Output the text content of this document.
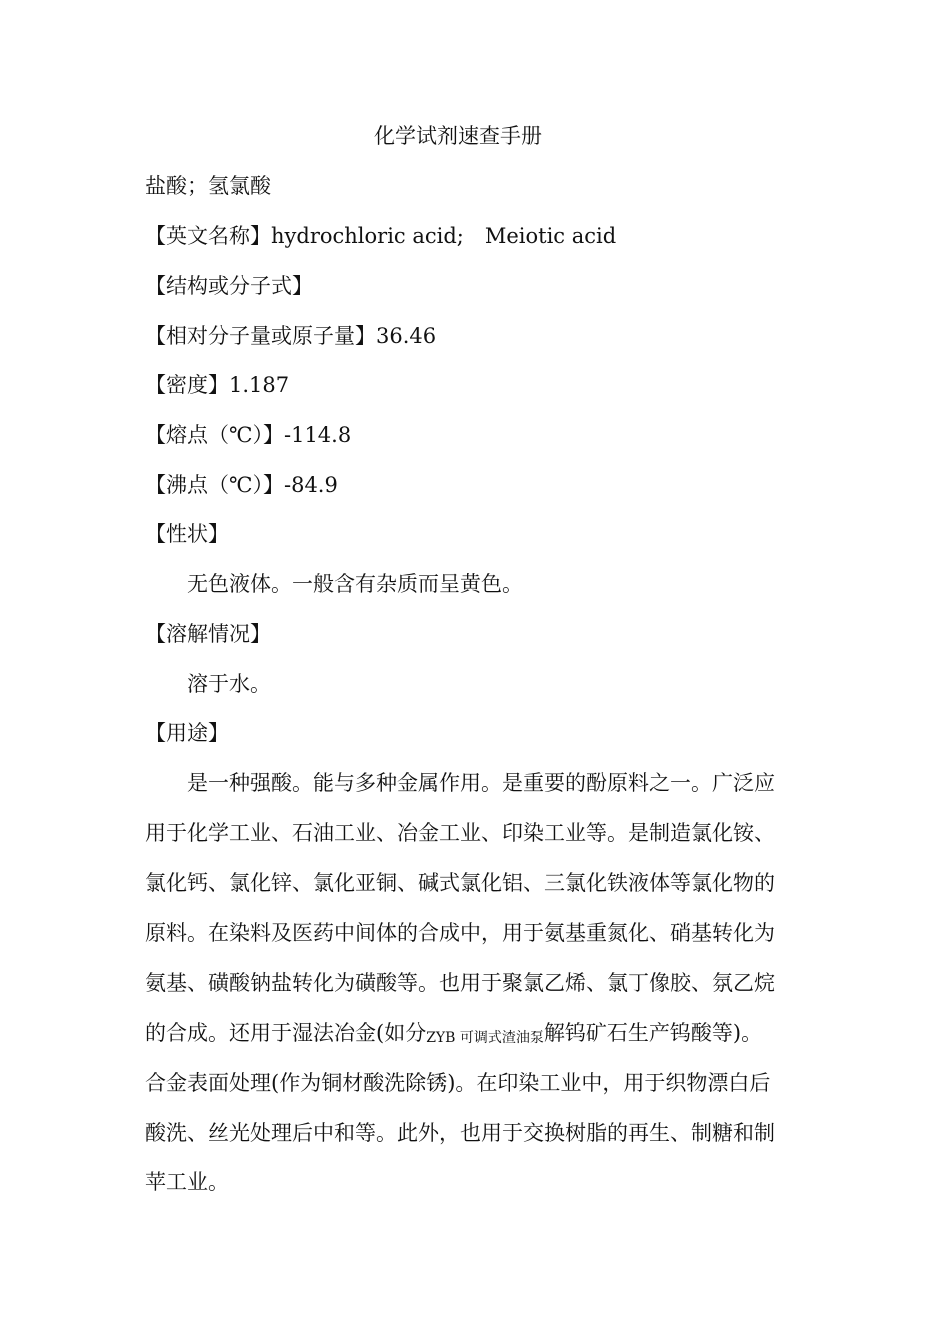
化学试剂速查手册
盐酸；氢氯酸
【英文名称】hydrochloric acid;　Meiotic acid
【结构或分子式】
【相对分子量或原子量】36.46
【密度】1.187
【熔点（℃）】-114.8
【沸点（℃）】-84.9
【性状】
无色液体。一般含有杂质而呈黄色。
【溶解情况】
溶于水。
【用途】
是一种强酸。能与多种金属作用。是重要的酚原料之一。广泛应
用于化学工业、石油工业、冶金工业、印染工业等。是制造氯化铵、
氯化钙、氯化锌、氯化亚铜、碱式氯化铝、三氯化铁液体等氯化物的
原料。在染料及医药中间体的合成中，用于氨基重氮化、硝基转化为
氨基、磺酸钠盐转化为磺酸等。也用于聚氯乙烯、氯丁像胶、氛乙烷
的合成。还用于湿法冶金(如分ZYB 可调式渣油泵解钨矿石生产钨酸等)。
合金表面处理(作为铜材酸洗除锈)。在印染工业中，用于织物漂白后
酸洗、丝光处理后中和等。此外，也用于交换树脂的再生、制糖和制
苹工业。
